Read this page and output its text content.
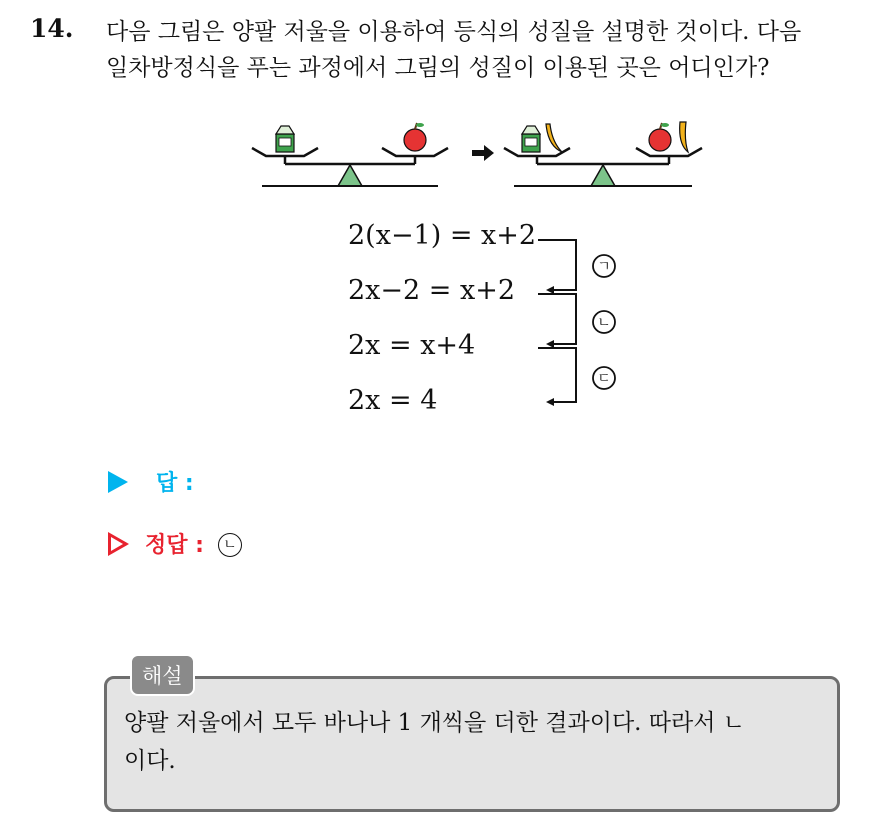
14. 다음 그림은 양팔 저울을 이용하여 등식의 성질을 설명한 것이다. 다음
일차방정식을 푸는 과정에서 그림의 성질이 이용된 곳은 어디인가?
2(x−1) = x+2
2x−2 = x+2
2x = x+4
2x = 4
ㄱ
ㄴ
ㄷ
답 :
정답 :	ㄴ
해설
양팔 저울에서 모두 바나나 1 개씩을 더한 결과이다. 따라서 ㄴ
이다.
